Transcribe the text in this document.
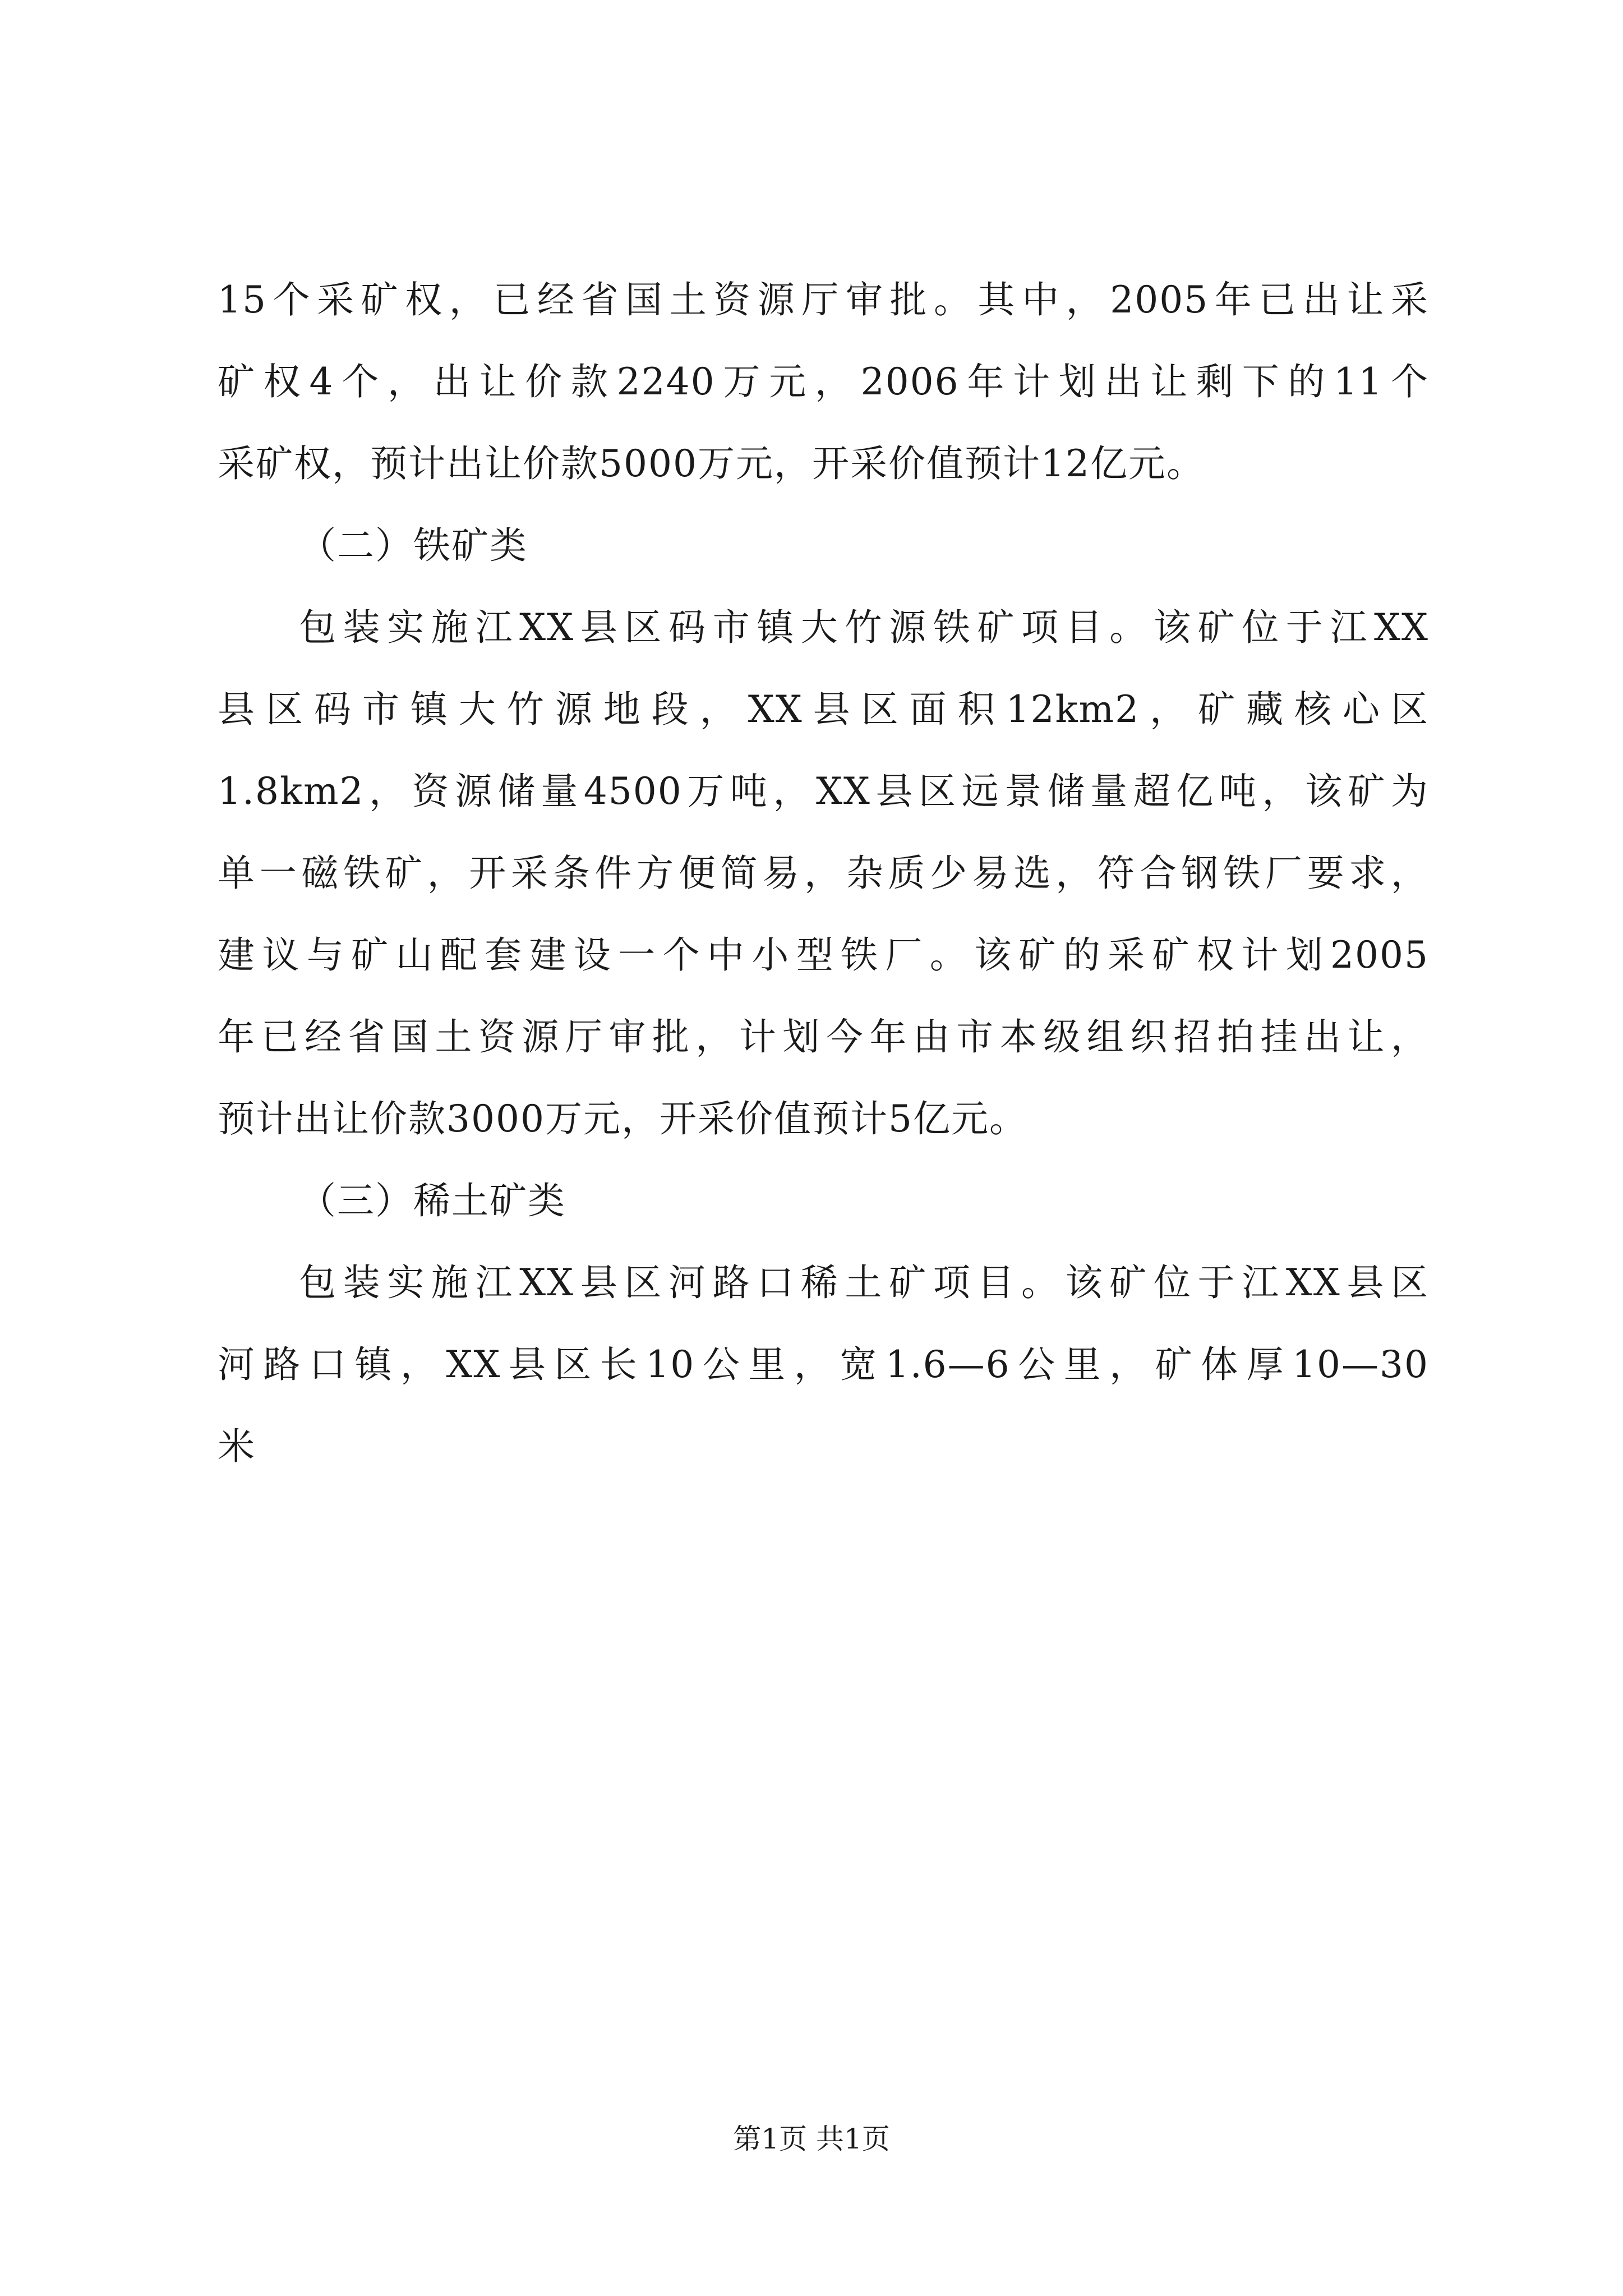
15个采矿权，已经省国土资源厅审批。其中，2005年已出让采
矿权4个，出让价款2240万元，2006年计划出让剩下的11个
采矿权，预计出让价款5000万元，开采价值预计12亿元。
（二）铁矿类
包装实施江XX县区码市镇大竹源铁矿项目。该矿位于江XX
县区码市镇大竹源地段，XX县区面积12km2，矿藏核心区
1.8km2，资源储量4500万吨，XX县区远景储量超亿吨，该矿为
单一磁铁矿，开采条件方便简易，杂质少易选，符合钢铁厂要求，
建议与矿山配套建设一个中小型铁厂。该矿的采矿权计划2005
年已经省国土资源厅审批，计划今年由市本级组织招拍挂出让，
预计出让价款3000万元，开采价值预计5亿元。
（三）稀土矿类
包装实施江XX县区河路口稀土矿项目。该矿位于江XX县区
河路口镇，XX县区长10公里，宽1.6—6公里，矿体厚10—30
米
第1页 共1页
